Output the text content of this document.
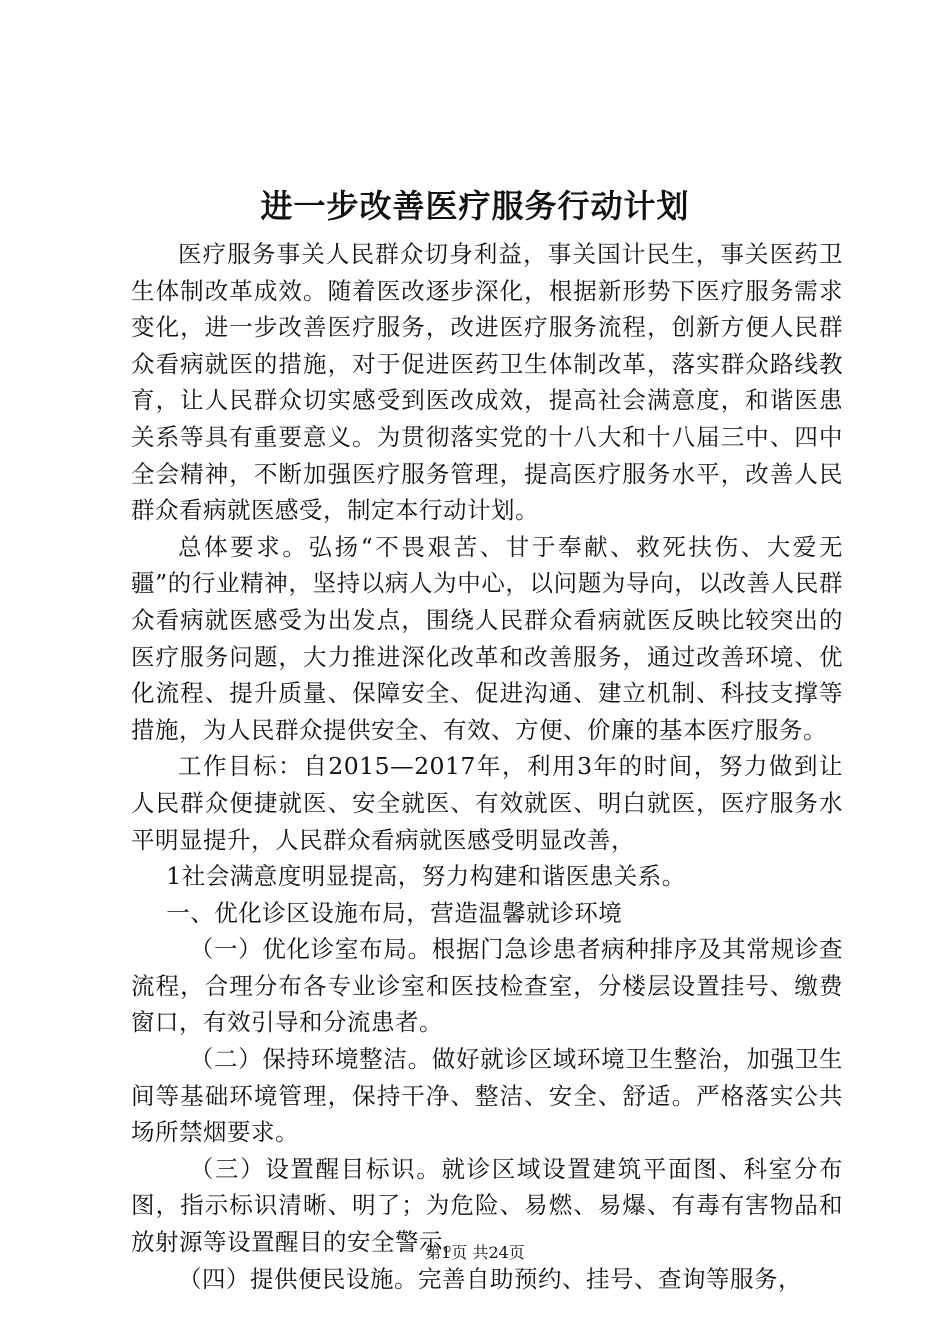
进一步改善医疗服务行动计划

医疗服务事关人民群众切身利益，事关国计民生，事关医药卫生体制改革成效。随着医改逐步深化，根据新形势下医疗服务需求变化，进一步改善医疗服务，改进医疗服务流程，创新方便人民群众看病就医的措施，对于促进医药卫生体制改革，落实群众路线教育，让人民群众切实感受到医改成效，提高社会满意度，和谐医患关系等具有重要意义。为贯彻落实党的十八大和十八届三中、四中全会精神，不断加强医疗服务管理，提高医疗服务水平，改善人民群众看病就医感受，制定本行动计划。

总体要求。弘扬“不畏艰苦、甘于奉献、救死扶伤、大爱无疆”的行业精神，坚持以病人为中心，以问题为导向，以改善人民群众看病就医感受为出发点，围绕人民群众看病就医反映比较突出的医疗服务问题，大力推进深化改革和改善服务，通过改善环境、优化流程、提升质量、保障安全、促进沟通、建立机制、科技支撑等措施，为人民群众提供安全、有效、方便、价廉的基本医疗服务。

工作目标：自2015—2017年，利用3年的时间，努力做到让人民群众便捷就医、安全就医、有效就医、明白就医，医疗服务水平明显提升，人民群众看病就医感受明显改善，

1社会满意度明显提高，努力构建和谐医患关系。

一、优化诊区设施布局，营造温馨就诊环境

（一）优化诊室布局。根据门急诊患者病种排序及其常规诊查流程，合理分布各专业诊室和医技检查室，分楼层设置挂号、缴费窗口，有效引导和分流患者。

（二）保持环境整洁。做好就诊区域环境卫生整治，加强卫生间等基础环境管理，保持干净、整洁、安全、舒适。严格落实公共场所禁烟要求。

（三）设置醒目标识。就诊区域设置建筑平面图、科室分布图，指示标识清晰、明了；为危险、易燃、易爆、有毒有害物品和放射源等设置醒目的安全警示。

（四）提供便民设施。完善自助预约、挂号、查询等服务，

第1页 共24页
